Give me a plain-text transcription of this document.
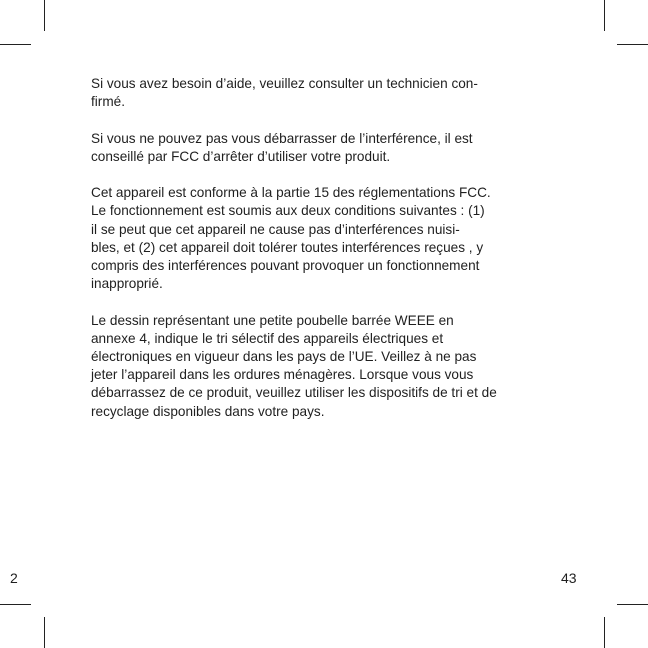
Si vous avez besoin d’aide, veuillez consulter un technicien con-
firmé.

Si vous ne pouvez pas vous débarrasser de l’interférence, il est
conseillé par FCC d’arrêter d’utiliser votre produit.

Cet appareil est conforme à la partie 15 des réglementations FCC.
Le fonctionnement est soumis aux deux conditions suivantes : (1)
il se peut que cet appareil ne cause pas d’interférences nuisi-
bles, et (2) cet appareil doit tolérer toutes interférences reçues , y
compris des interférences pouvant provoquer un fonctionnement
inapproprié.

Le dessin représentant une petite poubelle barrée WEEE en
annexe 4, indique le tri sélectif des appareils électriques et
électroniques en vigueur dans les pays de l’UE. Veillez à ne pas
jeter l’appareil dans les ordures ménagères. Lorsque vous vous
débarrassez de ce produit, veuillez utiliser les dispositifs de tri et de
recyclage disponibles dans votre pays.

2	43
